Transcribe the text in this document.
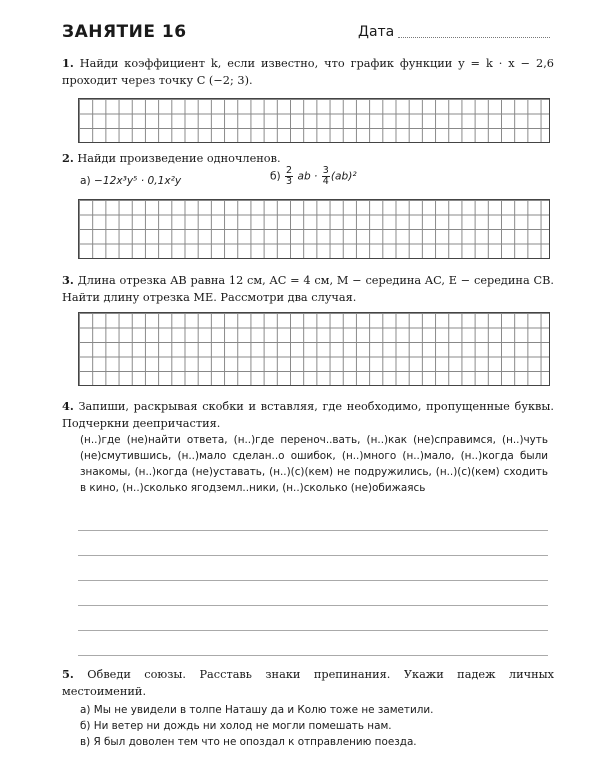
ЗАНЯТИЕ 16	Дата
1. Найди коэффициент k, если известно, что график функции y = k · x − 2,6 проходит через точку C (−2; 3).
2. Найди произведение одночленов.
а) −12x³y⁵ · 0,1x²y	$б) \frac{2}{3}$ ab · $\frac{3}{4} (ab)^2$
3. Длина отрезка AB равна 12 см, AC = 4 см, M − середина AC, E − середина CB. Найти длину отрезка ME. Рассмотри два случая.
4. Запиши, раскрывая скобки и вставляя, где необходимо, пропущенные буквы. Подчеркни деепричастия.
(н..)где (не)найти ответа, (н..)где переноч..вать, (н..)как (не)справимся, (н..)чуть (не)смутившись, (н..)мало сделан..о ошибок, (н..)много (н..)мало, (н..)когда были знакомы, (н..)когда (не)уставать, (н..)(с)(кем) не подружились, (н..)(с)(кем) сходить в кино, (н..)сколько ягодземл..ники, (н..)сколько (не)обижаясь
5. Обведи союзы. Расставь знаки препинания. Укажи падеж личных местоимений.
а) Мы не увидели в толпе Наташу да и Колю тоже не заметили.
б) Ни ветер ни дождь ни холод не могли помешать нам.
в) Я был доволен тем что не опоздал к отправлению поезда.
